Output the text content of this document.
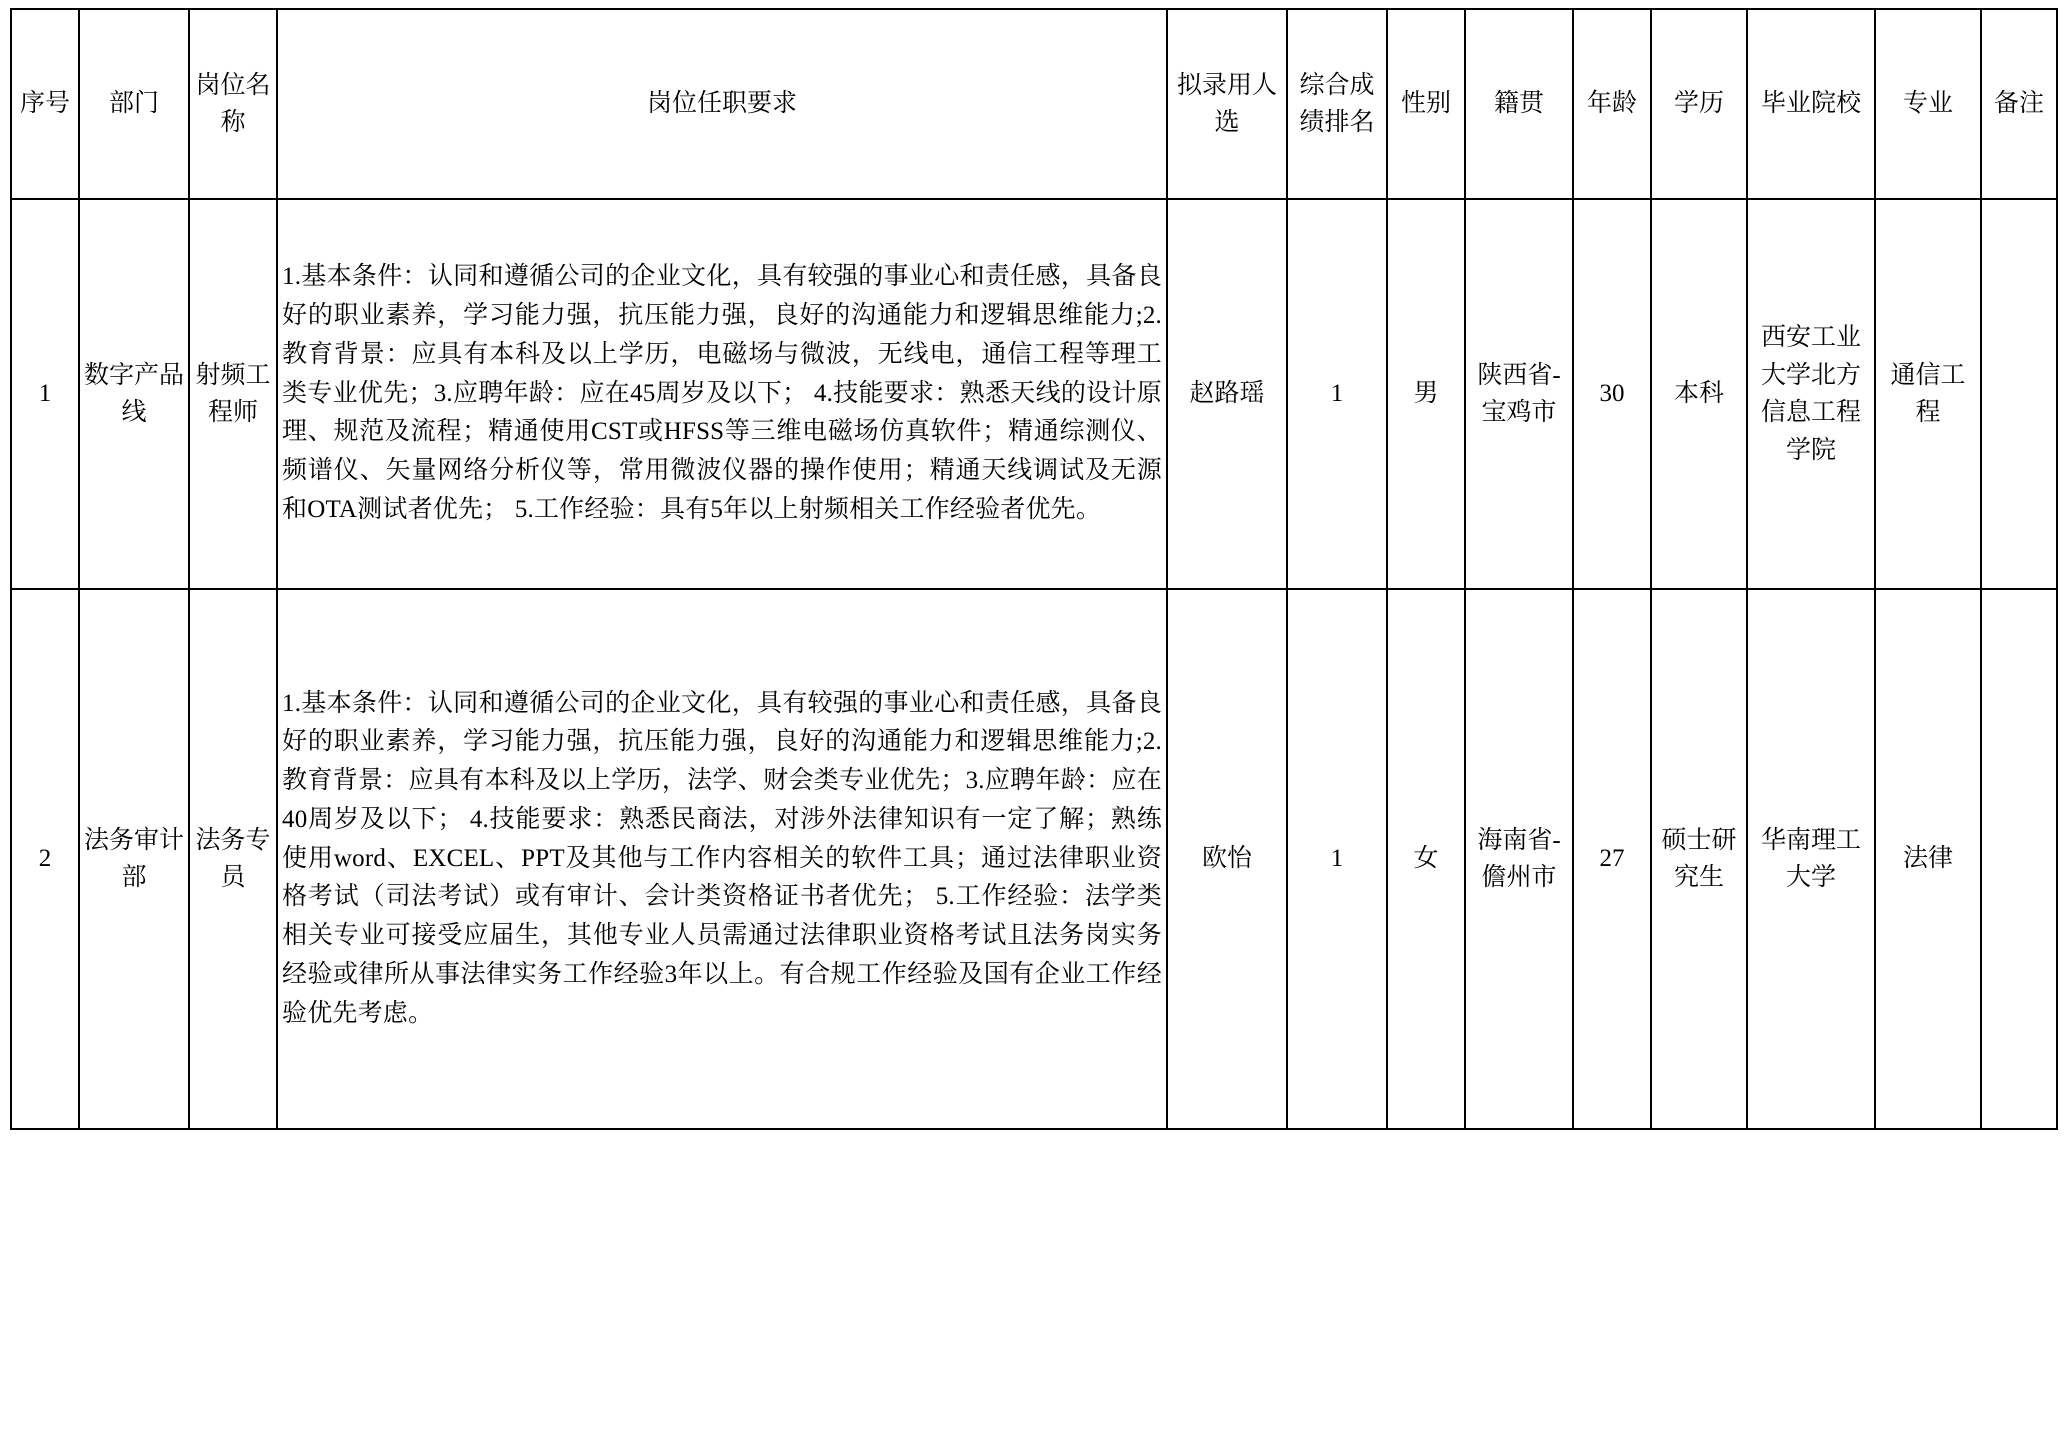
序号	部门	岗位名称	岗位任职要求	拟录用人选	综合成绩排名	性别	籍贯	年龄	学历	毕业院校	专业	备注

1	数字产品线	射频工程师	1.基本条件：认同和遵循公司的企业文化，具有较强的事业心和责任感，具备良好的职业素养，学习能力强，抗压能力强，良好的沟通能力和逻辑思维能力;2.教育背景：应具有本科及以上学历，电磁场与微波，无线电，通信工程等理工类专业优先；3.应聘年龄：应在45周岁及以下； 4.技能要求：熟悉天线的设计原理、规范及流程；精通使用CST或HFSS等三维电磁场仿真软件；精通综测仪、频谱仪、矢量网络分析仪等，常用微波仪器的操作使用；精通天线调试及无源和OTA测试者优先； 5.工作经验：具有5年以上射频相关工作经验者优先。	赵路瑶	1	男	陕西省-宝鸡市	30	本科	西安工业大学北方信息工程学院	通信工程	

2	法务审计部	法务专员	1.基本条件：认同和遵循公司的企业文化，具有较强的事业心和责任感，具备良好的职业素养，学习能力强，抗压能力强，良好的沟通能力和逻辑思维能力;2.教育背景：应具有本科及以上学历，法学、财会类专业优先；3.应聘年龄：应在40周岁及以下； 4.技能要求：熟悉民商法，对涉外法律知识有一定了解；熟练使用word、EXCEL、PPT及其他与工作内容相关的软件工具；通过法律职业资格考试（司法考试）或有审计、会计类资格证书者优先； 5.工作经验：法学类相关专业可接受应届生，其他专业人员需通过法律职业资格考试且法务岗实务经验或律所从事法律实务工作经验3年以上。有合规工作经验及国有企业工作经验优先考虑。	欧怡	1	女	海南省-儋州市	27	硕士研究生	华南理工大学	法律	
